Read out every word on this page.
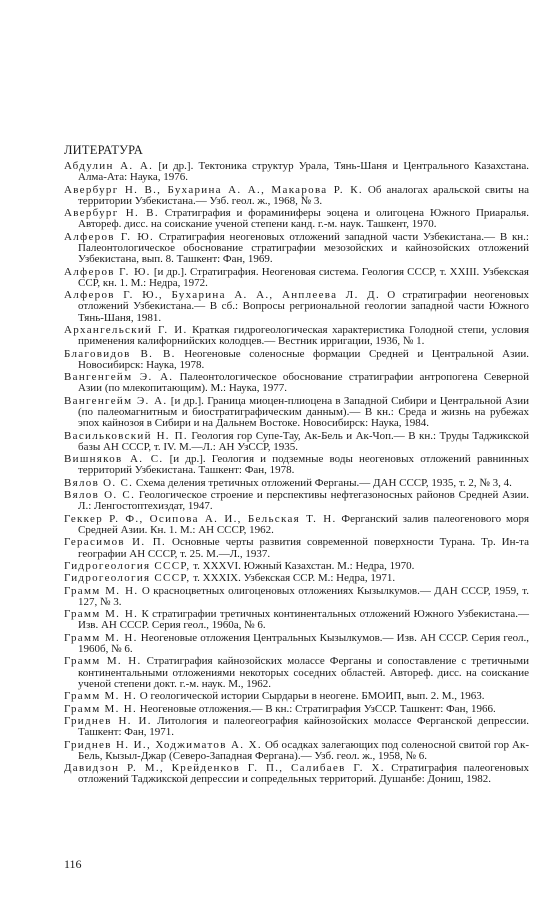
ЛИТЕРАТУРА

Абдулин А. А. [и др.]. Тектоника структур Урала, Тянь-Шаня и Центрального Казахстана. Алма-Ата: Наука, 1976.

Авербург Н. В., Бухарина А. А., Макарова Р. К. Об аналогах аральской свиты на территории Узбекистана.— Узб. геол. ж., 1968, № 3.

Авербург Н. В. Стратиграфия и фораминиферы эоцена и олигоцена Южного Приаралья. Автореф. дисс. на соискание ученой степени канд. г.-м. наук. Ташкент, 1970.

Алферов Г. Ю. Стратиграфия неогеновых отложений западной части Узбекистана.— В кн.: Палеонтологическое обоснование стратиграфии мезозойских и кайнозойских отложений Узбекистана, вып. 8. Ташкент: Фан, 1969.

Алферов Г. Ю. [и др.]. Стратиграфия. Неогеновая система. Геология СССР, т. XXIII. Узбекская ССР, кн. 1. М.: Недра, 1972.

Алферов Г. Ю., Бухарина А. А., Анплеева Л. Д. О стратиграфии неогеновых отложений Узбекистана.— В сб.: Вопросы регриональной геологии западной части Южного Тянь-Шаня, 1981.

Архангельский Г. И. Краткая гидрогеологическая характеристика Голодной степи, условия применения калифорнийских колодцев.— Вестник ирригации, 1936, № 1.

Благовидов В. В. Неогеновые соленосные формации Средней и Центральной Азии. Новосибирск: Наука, 1978.

Вангенгейм Э. А. Палеонтологическое обоснование стратиграфии антропогена Северной Азии (по млекопитающим). М.: Наука, 1977.

Вангенгейм Э. А. [и др.]. Граница миоцен-плиоцена в Западной Сибири и Центральной Азии (по палеомагнитным и биостратиграфическим данным).— В кн.: Среда и жизнь на рубежах эпох кайнозоя в Сибири и на Дальнем Востоке. Новосибирск: Наука, 1984.

Васильковский Н. П. Геология гор Супе-Тау, Ак-Бель и Ак-Чоп.— В кн.: Труды Таджикской базы АН СССР, т. IV. М.—Л.: АН УзССР, 1935.

Вишняков А. С. [и др.]. Геология и подземные воды неогеновых отложений равнинных территорий Узбекистана. Ташкент: Фан, 1978.

Вялов О. С. Схема деления третичных отложений Ферганы.— ДАН СССР, 1935, т. 2, № 3, 4.

Вялов О. С. Геологическое строение и перспективы нефтегазоносных районов Средней Азии. Л.: Ленгостоптехиздат, 1947.

Геккер Р. Ф., Осипова А. И., Бельская Т. Н. Ферганский залив палеогенового моря Средней Азии. Кн. 1. М.: АН СССР, 1962.

Герасимов И. П. Основные черты развития современной поверхности Турана. Тр. Ин-та географии АН СССР, т. 25. М.—Л., 1937.

Гидрогеология СССР, т. XXXVI. Южный Казахстан. М.: Недра, 1970.

Гидрогеология СССР, т. XXXIX. Узбекская ССР. М.: Недра, 1971.

Грамм М. Н. О красноцветных олигоценовых отложениях Кызылкумов.— ДАН СССР, 1959, т. 127, № 3.

Грамм М. Н. К стратиграфии третичных континентальных отложений Южного Узбекистана.— Изв. АН СССР. Серия геол., 1960а, № 6.

Грамм М. Н. Неогеновые отложения Центральных Кызылкумов.— Изв. АН СССР. Серия геол., 1960б, № 6.

Грамм М. Н. Стратиграфия кайнозойских молассе Ферганы и сопоставление с третичными континентальными отложениями некоторых соседних областей. Автореф. дисс. на соискание ученой степени докт. г.-м. наук. М., 1962.

Грамм М. Н. О геологической истории Сырдарьи в неогене. БМОИП, вып. 2. М., 1963.

Грамм М. Н. Неогеновые отложения.— В кн.: Стратиграфия УзССР. Ташкент: Фан, 1966.

Гриднев Н. И. Литология и палеогеография кайнозойских молассе Ферганской депрессии. Ташкент: Фан, 1971.

Гриднев Н. И., Ходжиматов А. Х. Об осадках залегающих под соленосной свитой гор Ак-Бель, Кызыл-Джар (Северо-Западная Фергана).— Узб. геол. ж., 1958, № 6.

Давидзон Р. М., Крейденков Г. П., Салибаев Г. Х. Стратиграфия палеогеновых отложений Таджикской депрессии и сопредельных территорий. Душанбе: Дониш, 1982.

116
